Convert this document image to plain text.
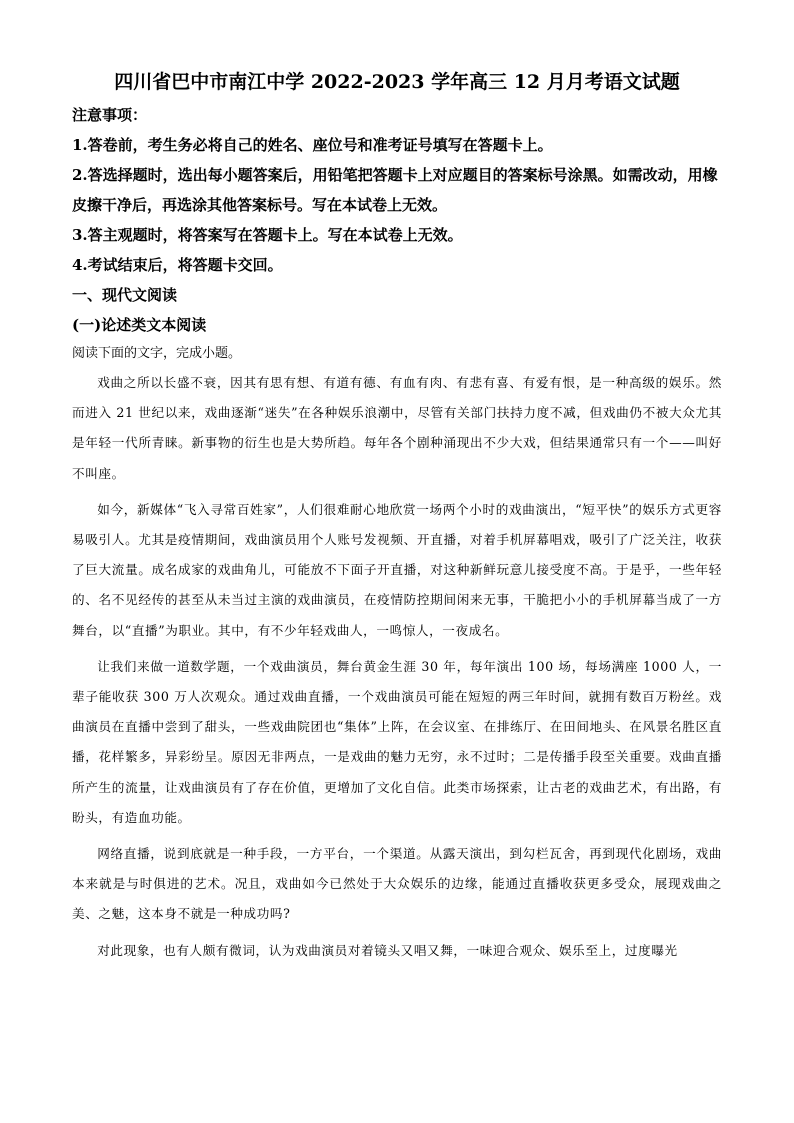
四川省巴中市南江中学 2022-2023 学年高三 12 月月考语文试题
注意事项：
1.答卷前，考生务必将自己的姓名、座位号和准考证号填写在答题卡上。
2.答选择题时，选出每小题答案后，用铅笔把答题卡上对应题目的答案标号涂黑。如需改动，用橡皮擦干净后，再选涂其他答案标号。写在本试卷上无效。
3.答主观题时，将答案写在答题卡上。写在本试卷上无效。
4.考试结束后，将答题卡交回。
一、现代文阅读
(一)论述类文本阅读
阅读下面的文字，完成小题。

戏曲之所以长盛不衰，因其有思有想、有道有德、有血有肉、有悲有喜、有爱有恨，是一种高级的娱乐。然而进入 21 世纪以来，戏曲逐渐“迷失”在各种娱乐浪潮中，尽管有关部门扶持力度不减，但戏曲仍不被大众尤其是年轻一代所青睐。新事物的衍生也是大势所趋。每年各个剧种涌现出不少大戏，但结果通常只有一个——叫好不叫座。

如今，新媒体“飞入寻常百姓家”，人们很难耐心地欣赏一场两个小时的戏曲演出，“短平快”的娱乐方式更容易吸引人。尤其是疫情期间，戏曲演员用个人账号发视频、开直播，对着手机屏幕唱戏，吸引了广泛关注，收获了巨大流量。成名成家的戏曲角儿，可能放不下面子开直播，对这种新鲜玩意儿接受度不高。于是乎，一些年轻的、名不见经传的甚至从未当过主演的戏曲演员，在疫情防控期间闲来无事，干脆把小小的手机屏幕当成了一方舞台，以“直播”为职业。其中，有不少年轻戏曲人，一鸣惊人，一夜成名。

让我们来做一道数学题，一个戏曲演员，舞台黄金生涯 30 年，每年演出 100 场，每场满座 1000 人，一辈子能收获 300 万人次观众。通过戏曲直播，一个戏曲演员可能在短短的两三年时间，就拥有数百万粉丝。戏曲演员在直播中尝到了甜头，一些戏曲院团也“集体”上阵，在会议室、在排练厅、在田间地头、在风景名胜区直播，花样繁多，异彩纷呈。原因无非两点，一是戏曲的魅力无穷，永不过时；二是传播手段至关重要。戏曲直播所产生的流量，让戏曲演员有了存在价值，更增加了文化自信。此类市场探索，让古老的戏曲艺术，有出路，有盼头，有造血功能。

网络直播，说到底就是一种手段，一方平台，一个渠道。从露天演出，到勾栏瓦舍，再到现代化剧场，戏曲本来就是与时俱进的艺术。况且，戏曲如今已然处于大众娱乐的边缘，能通过直播收获更多受众，展现戏曲之美、之魅，这本身不就是一种成功吗?

对此现象，也有人颇有微词，认为戏曲演员对着镜头又唱又舞，一味迎合观众、娱乐至上，过度曝光
